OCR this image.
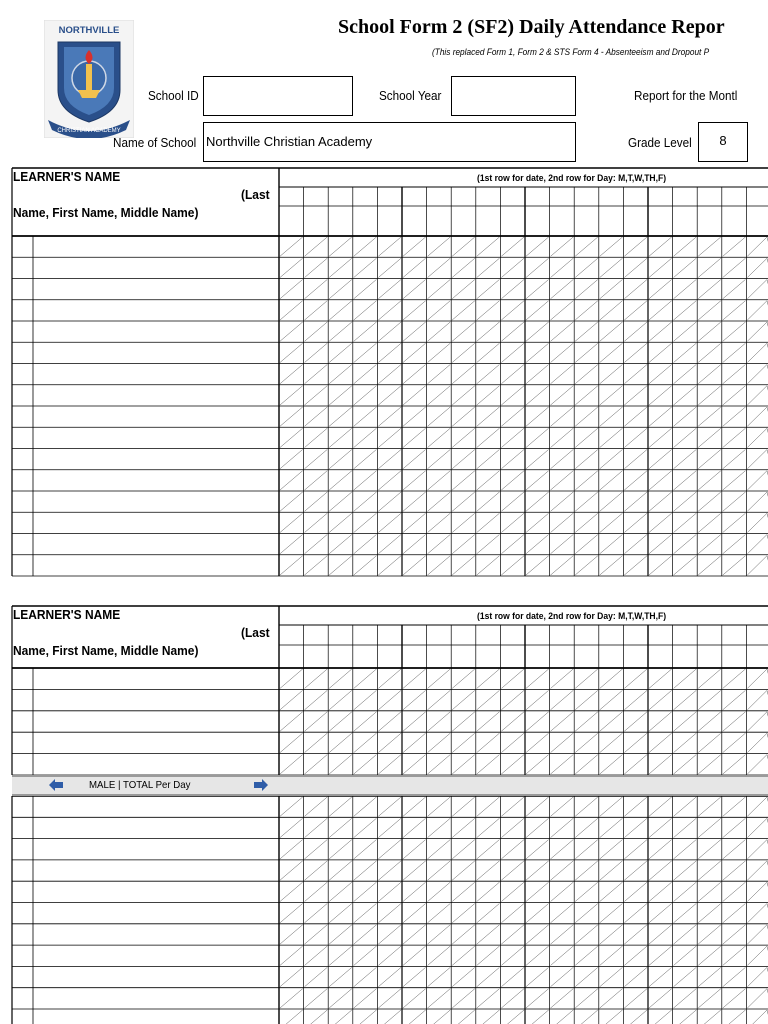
NORTHVILLE
CHRISTIAN ACADEMY
School Form 2 (SF2) Daily Attendance Repor
(This replaced Form 1, Form 2 & STS Form 4 - Absenteeism and Dropout P
School ID	School Year	Report for the Montl
Name of School Northville Christian Academy	Grade Level	8
LEARNER'S NAME
(Last
Name, First Name, Middle Name)
(1st row for date, 2nd row for Day: M,T,W,TH,F)
LEARNER'S NAME
(Last
Name, First Name, Middle Name)
(1st row for date, 2nd row for Day: M,T,W,TH,F)
MALE | TOTAL Per Day
